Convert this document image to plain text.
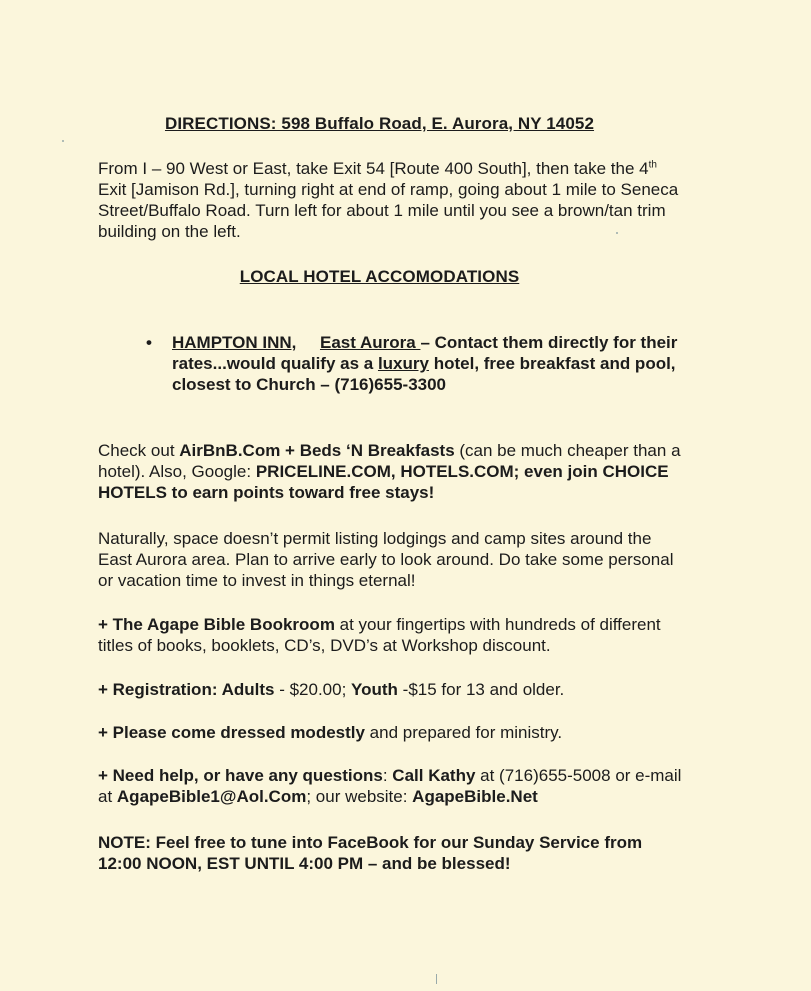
DIRECTIONS: 598 Buffalo Road, E. Aurora, NY 14052
From I – 90 West or East, take Exit 54 [Route 400 South], then take the 4th Exit [Jamison Rd.], turning right at end of ramp, going about 1 mile to Seneca Street/Buffalo Road. Turn left for about 1 mile until you see a brown/tan trim building on the left.
LOCAL HOTEL ACCOMODATIONS
• HAMPTON INN, East Aurora – Contact them directly for their rates...would qualify as a luxury hotel, free breakfast and pool, closest to Church – (716)655-3300
Check out AirBnB.Com + Beds ‘N Breakfasts (can be much cheaper than a hotel). Also, Google: PRICELINE.COM, HOTELS.COM; even join CHOICE HOTELS to earn points toward free stays!
Naturally, space doesn’t permit listing lodgings and camp sites around the East Aurora area. Plan to arrive early to look around. Do take some personal or vacation time to invest in things eternal!
+ The Agape Bible Bookroom at your fingertips with hundreds of different titles of books, booklets, CD’s, DVD’s at Workshop discount.
+ Registration: Adults - $20.00; Youth -$15 for 13 and older.
+ Please come dressed modestly and prepared for ministry.
+ Need help, or have any questions: Call Kathy at (716)655-5008 or e-mail at AgapeBible1@Aol.Com; our website: AgapeBible.Net
NOTE: Feel free to tune into FaceBook for our Sunday Service from 12:00 NOON, EST UNTIL 4:00 PM – and be blessed!
